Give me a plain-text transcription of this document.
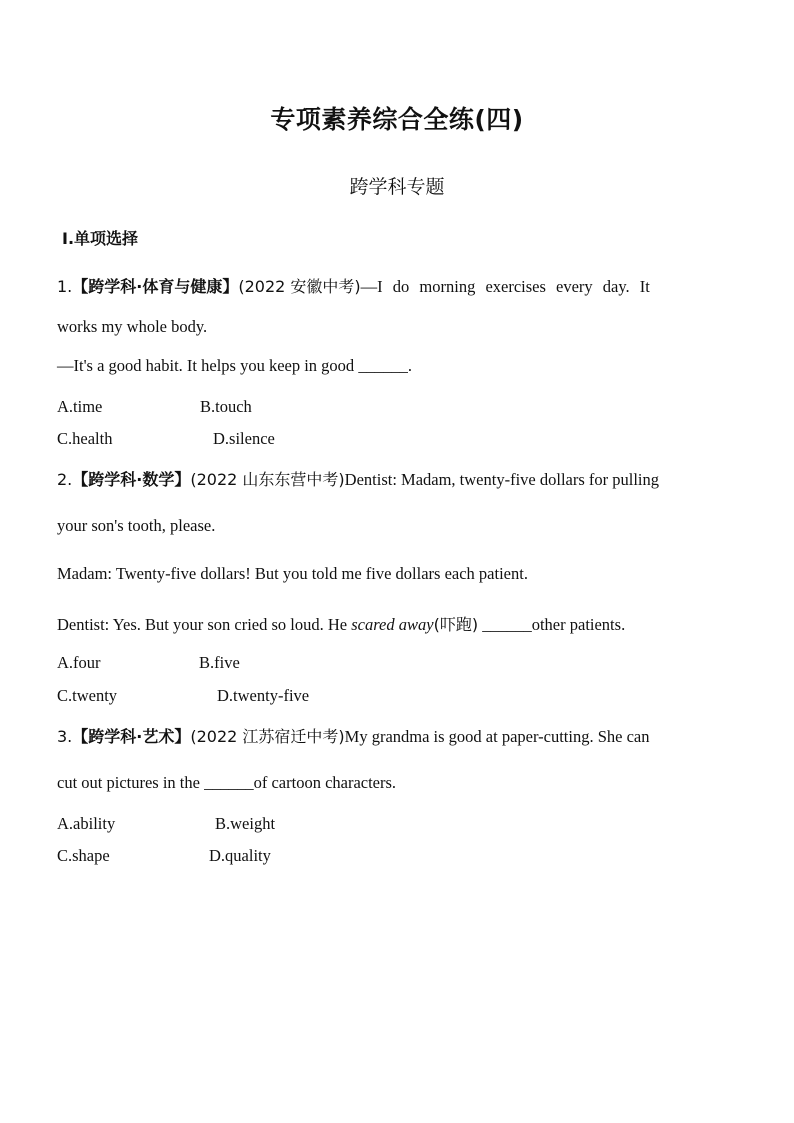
专项素养综合全练(四)
跨学科专题
Ⅰ.单项选择
1.【跨学科·体育与健康】(2022 安徽中考)—I do morning exercises every day. It
works my whole body.
—It's a good habit. It helps you keep in good ______.
A.time	B.touch
C.health	D.silence
2.【跨学科·数学】(2022 山东东营中考)Dentist: Madam, twenty-five dollars for pulling
your son's tooth, please.
Madam: Twenty-five dollars! But you told me five dollars each patient.
Dentist: Yes. But your son cried so loud. He scared away(吓跑) ______other patients.
A.four	B.five
C.twenty	D.twenty-five
3.【跨学科·艺术】(2022 江苏宿迁中考)My grandma is good at paper-cutting. She can
cut out pictures in the ______of cartoon characters.
A.ability	B.weight
C.shape	D.quality
